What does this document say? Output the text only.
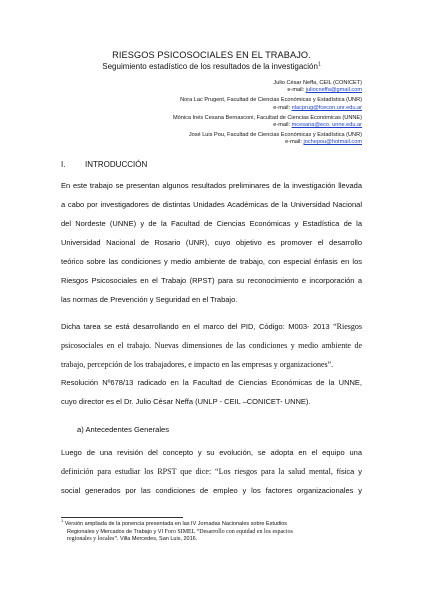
RIESGOS PSICOSOCIALES EN EL TRABAJO.
Seguimiento estadístico de los resultados de la investigación$^1$
Julio César Neffa, CEIL (CONICET)
e-mail: juliocneffa@gmail.com
Nora Lac Prugent, Facultad de Ciencias Económicas y Estadística (UNR)
e-mail: nlacprug@fcecon.unr.edu.ar
Mónica Inés Cesana Bernasconi, Facultad de Ciencias Económicas (UNNE)
e-mail: mcesana@eco. unne.edu.ar
José Luis Pou, Facultad de Ciencias Económicas y Estadística (UNR)
e-mail: jochepou@hotmail.com
I. INTRODUCCIÓN
En este trabajo se presentan algunos resultados preliminares de la investigación llevada
a cabo por investigadores de distintas Unidades Académicas de la Universidad Nacional
del Nordeste (UNNE) y de la Facultad de Ciencias Económicas y Estadística de la
Universidad Nacional de Rosario (UNR), cuyo objetivo es promover el desarrollo
teórico sobre las condiciones y medio ambiente de trabajo, con especial énfasis en los
Riesgos Psicosociales en el Trabajo (RPST) para su reconocimiento e incorporación a
las normas de Prevención y Seguridad en el Trabajo.
Dicha tarea se está desarrollando en el marco del PID, Código: M003- 2013 “Riesgos
psicosociales en el trabajo. Nuevas dimensiones de las condiciones y medio ambiente de
trabajo, percepción de los trabajadores, e impacto en las empresas y organizaciones”.
Resolución Nº678/13 radicado en la Facultad de Ciencias Económicas de la UNNE,
cuyo director es el Dr. Julio César Neffa (UNLP - CEIL –CONICET- UNNE).
a) Antecedentes Generales
Luego de una revisión del concepto y su evolución, se adopta en el equipo una
definición para estudiar los RPST que dice: “Los riesgos para la salud mental, física y
social generados por las condiciones de empleo y los factores organizacionales y
$^1$ Versión ampliada de la ponencia presentada en las IV Jornadas Nacionales sobre Estudios
Regionales y Mercados de Trabajo y VI Foro SIMEL “Desarrollo con equidad en los espacios
regionales y locales”. Villa Mercedes, San Luis, 2016.
